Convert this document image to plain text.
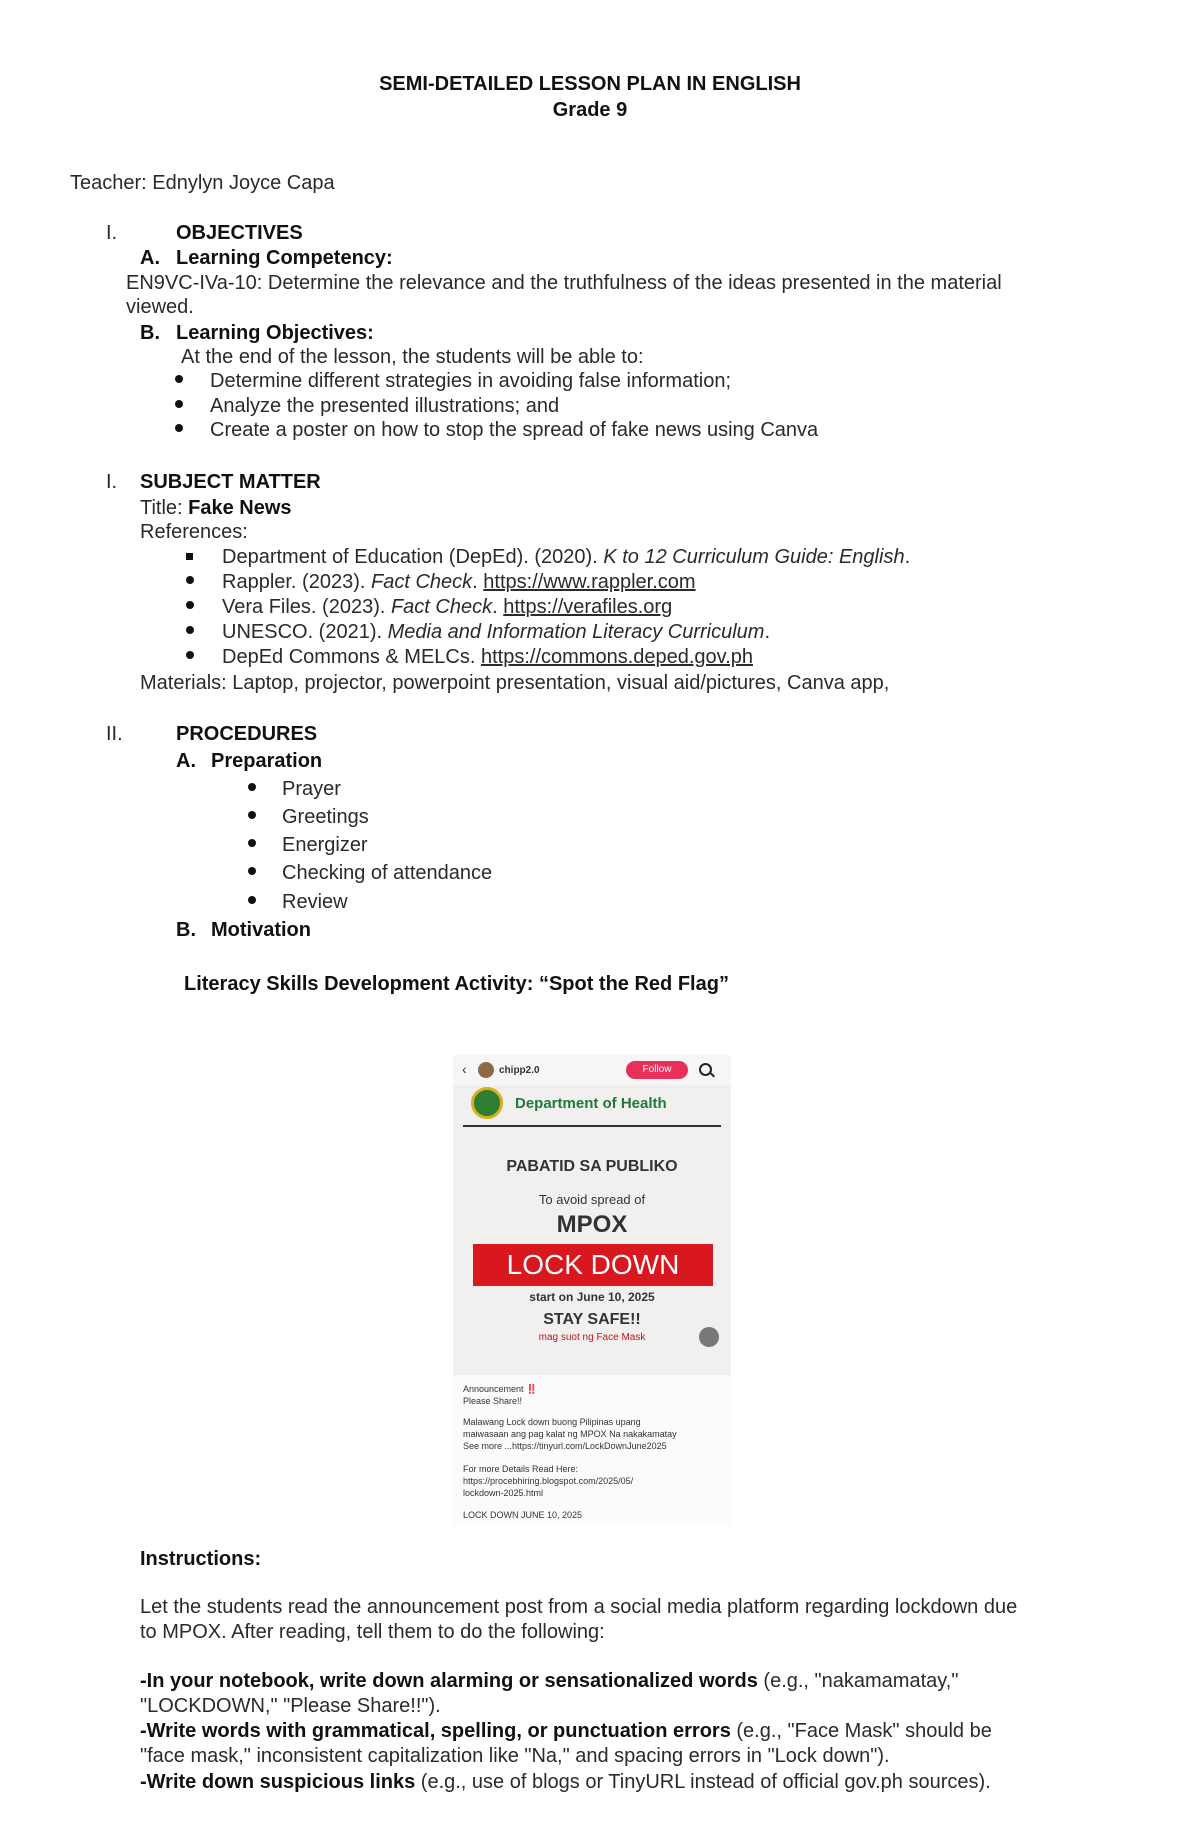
SEMI-DETAILED LESSON PLAN IN ENGLISH
Grade 9
Teacher: Ednylyn Joyce Capa
I.	OBJECTIVES
A. Learning Competency:
EN9VC-IVa-10: Determine the relevance and the truthfulness of the ideas presented in the material
viewed.
B. Learning Objectives:
At the end of the lesson, the students will be able to:
Determine different strategies in avoiding false information;
Analyze the presented illustrations; and
Create a poster on how to stop the spread of fake news using Canva
I. SUBJECT MATTER
Title: Fake News
References:
Department of Education (DepEd). (2020). K to 12 Curriculum Guide: English.
Rappler. (2023). Fact Check. https://www.rappler.com
Vera Files. (2023). Fact Check. https://verafiles.org
UNESCO. (2021). Media and Information Literacy Curriculum.
DepEd Commons & MELCs. https://commons.deped.gov.ph
Materials: Laptop, projector, powerpoint presentation, visual aid/pictures, Canva app,
II.	PROCEDURES
A. Preparation
Prayer
Greetings
Energizer
Checking of attendance
Review
B. Motivation
Literacy Skills Development Activity: “Spot the Red Flag”
‹	chipp2.0	Follow
Department of Health
PABATID SA PUBLIKO
To avoid spread of
MPOX
LOCK DOWN
start on June 10, 2025
STAY SAFE!!
mag suot ng Face Mask
Announcement ‼️
Please Share!!
Malawang Lock down buong Pilipinas upang
maiwasaan ang pag kalat ng MPOX Na nakakamatay
See more ...https://tinyurl.com/LockDownJune2025
For more Details Read Here:
https://procebhiring.blogspot.com/2025/05/
lockdown-2025.html
LOCK DOWN JUNE 10, 2025
Instructions:
Let the students read the announcement post from a social media platform regarding lockdown due
to MPOX. After reading, tell them to do the following:
-In your notebook, write down alarming or sensationalized words (e.g., "nakamamatay,"
"LOCKDOWN," "Please Share!!").
-Write words with grammatical, spelling, or punctuation errors (e.g., "Face Mask" should be
"face mask," inconsistent capitalization like "Na," and spacing errors in "Lock down").
-Write down suspicious links (e.g., use of blogs or TinyURL instead of official gov.ph sources).
